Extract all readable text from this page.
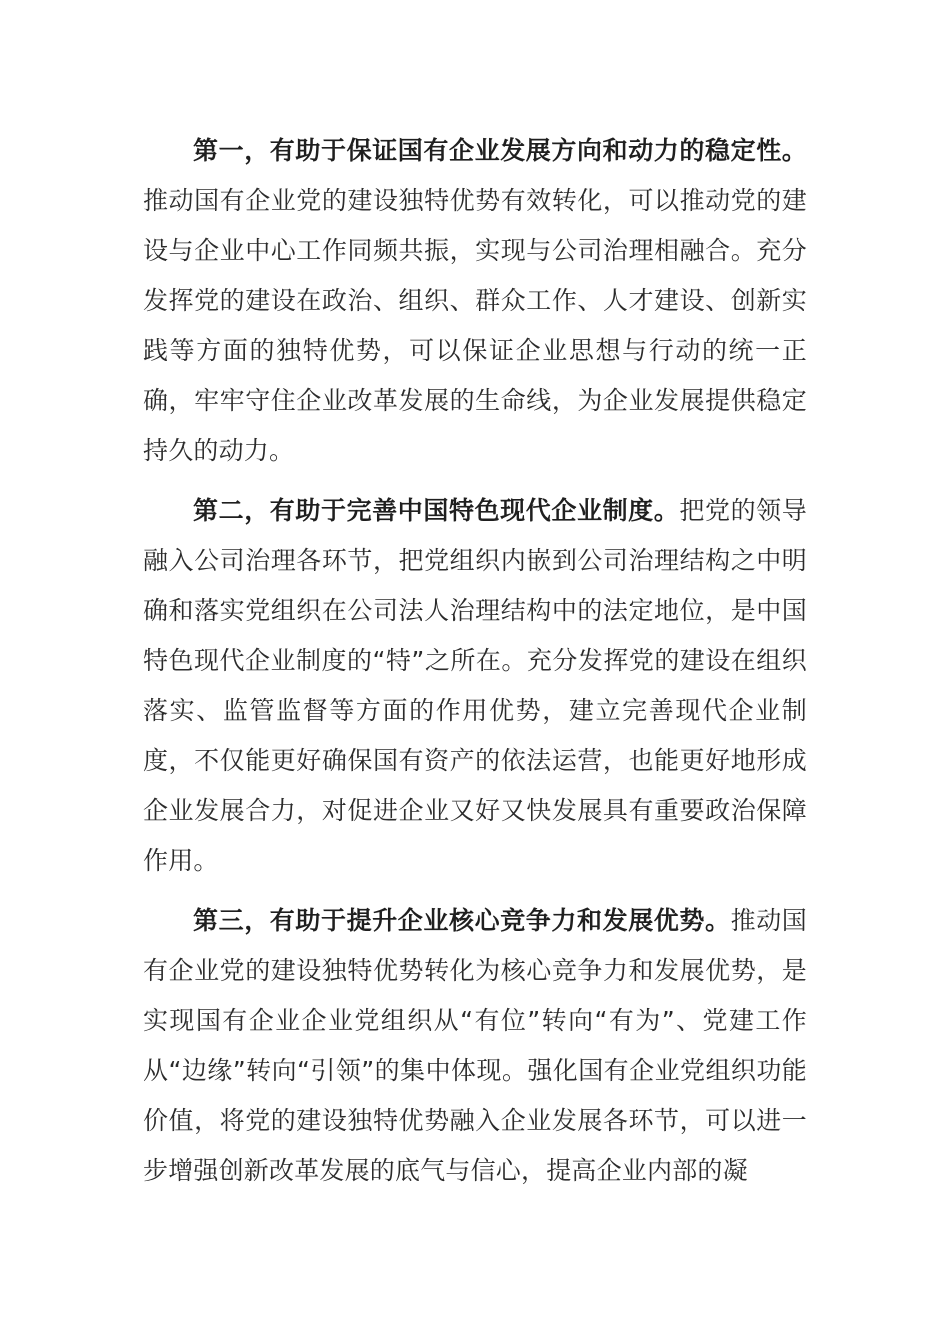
第一，有助于保证国有企业发展方向和动力的稳定性。推动国有企业党的建设独特优势有效转化，可以推动党的建设与企业中心工作同频共振，实现与公司治理相融合。充分发挥党的建设在政治、组织、群众工作、人才建设、创新实践等方面的独特优势，可以保证企业思想与行动的统一正确，牢牢守住企业改革发展的生命线，为企业发展提供稳定持久的动力。

第二，有助于完善中国特色现代企业制度。把党的领导融入公司治理各环节，把党组织内嵌到公司治理结构之中明确和落实党组织在公司法人治理结构中的法定地位，是中国特色现代企业制度的“特”之所在。充分发挥党的建设在组织落实、监管监督等方面的作用优势，建立完善现代企业制度，不仅能更好确保国有资产的依法运营，也能更好地形成企业发展合力，对促进企业又好又快发展具有重要政治保障作用。

第三，有助于提升企业核心竞争力和发展优势。推动国有企业党的建设独特优势转化为核心竞争力和发展优势，是实现国有企业企业党组织从“有位”转向“有为”、党建工作从“边缘”转向“引领”的集中体现。强化国有企业党组织功能价值，将党的建设独特优势融入企业发展各环节，可以进一步增强创新改革发展的底气与信心，提高企业内部的凝
